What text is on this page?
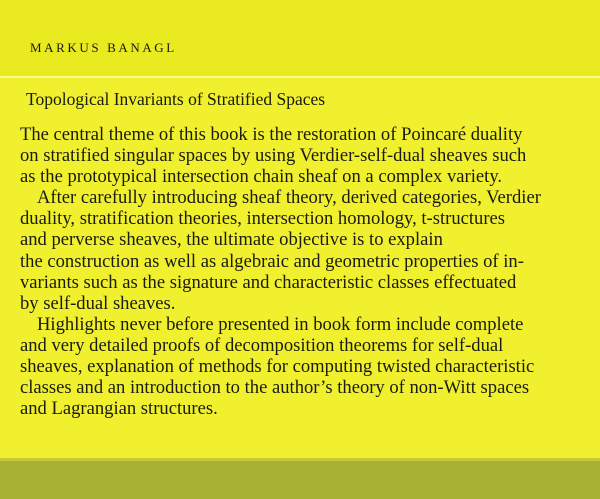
MARKUS BANAGL
Topological Invariants of Stratified Spaces
The central theme of this book is the restoration of Poincaré duality
on stratified singular spaces by using Verdier-self-dual sheaves such
as the prototypical intersection chain sheaf on a complex variety.
After carefully introducing sheaf theory, derived categories, Verdier
duality, stratification theories, intersection homology, t-structures
and perverse sheaves, the ultimate objective is to explain
the construction as well as algebraic and geometric properties of in-
variants such as the signature and characteristic classes effectuated
by self-dual sheaves.
Highlights never before presented in book form include complete
and very detailed proofs of decomposition theorems for self-dual
sheaves, explanation of methods for computing twisted characteristic
classes and an introduction to the author’s theory of non-Witt spaces
and Lagrangian structures.
